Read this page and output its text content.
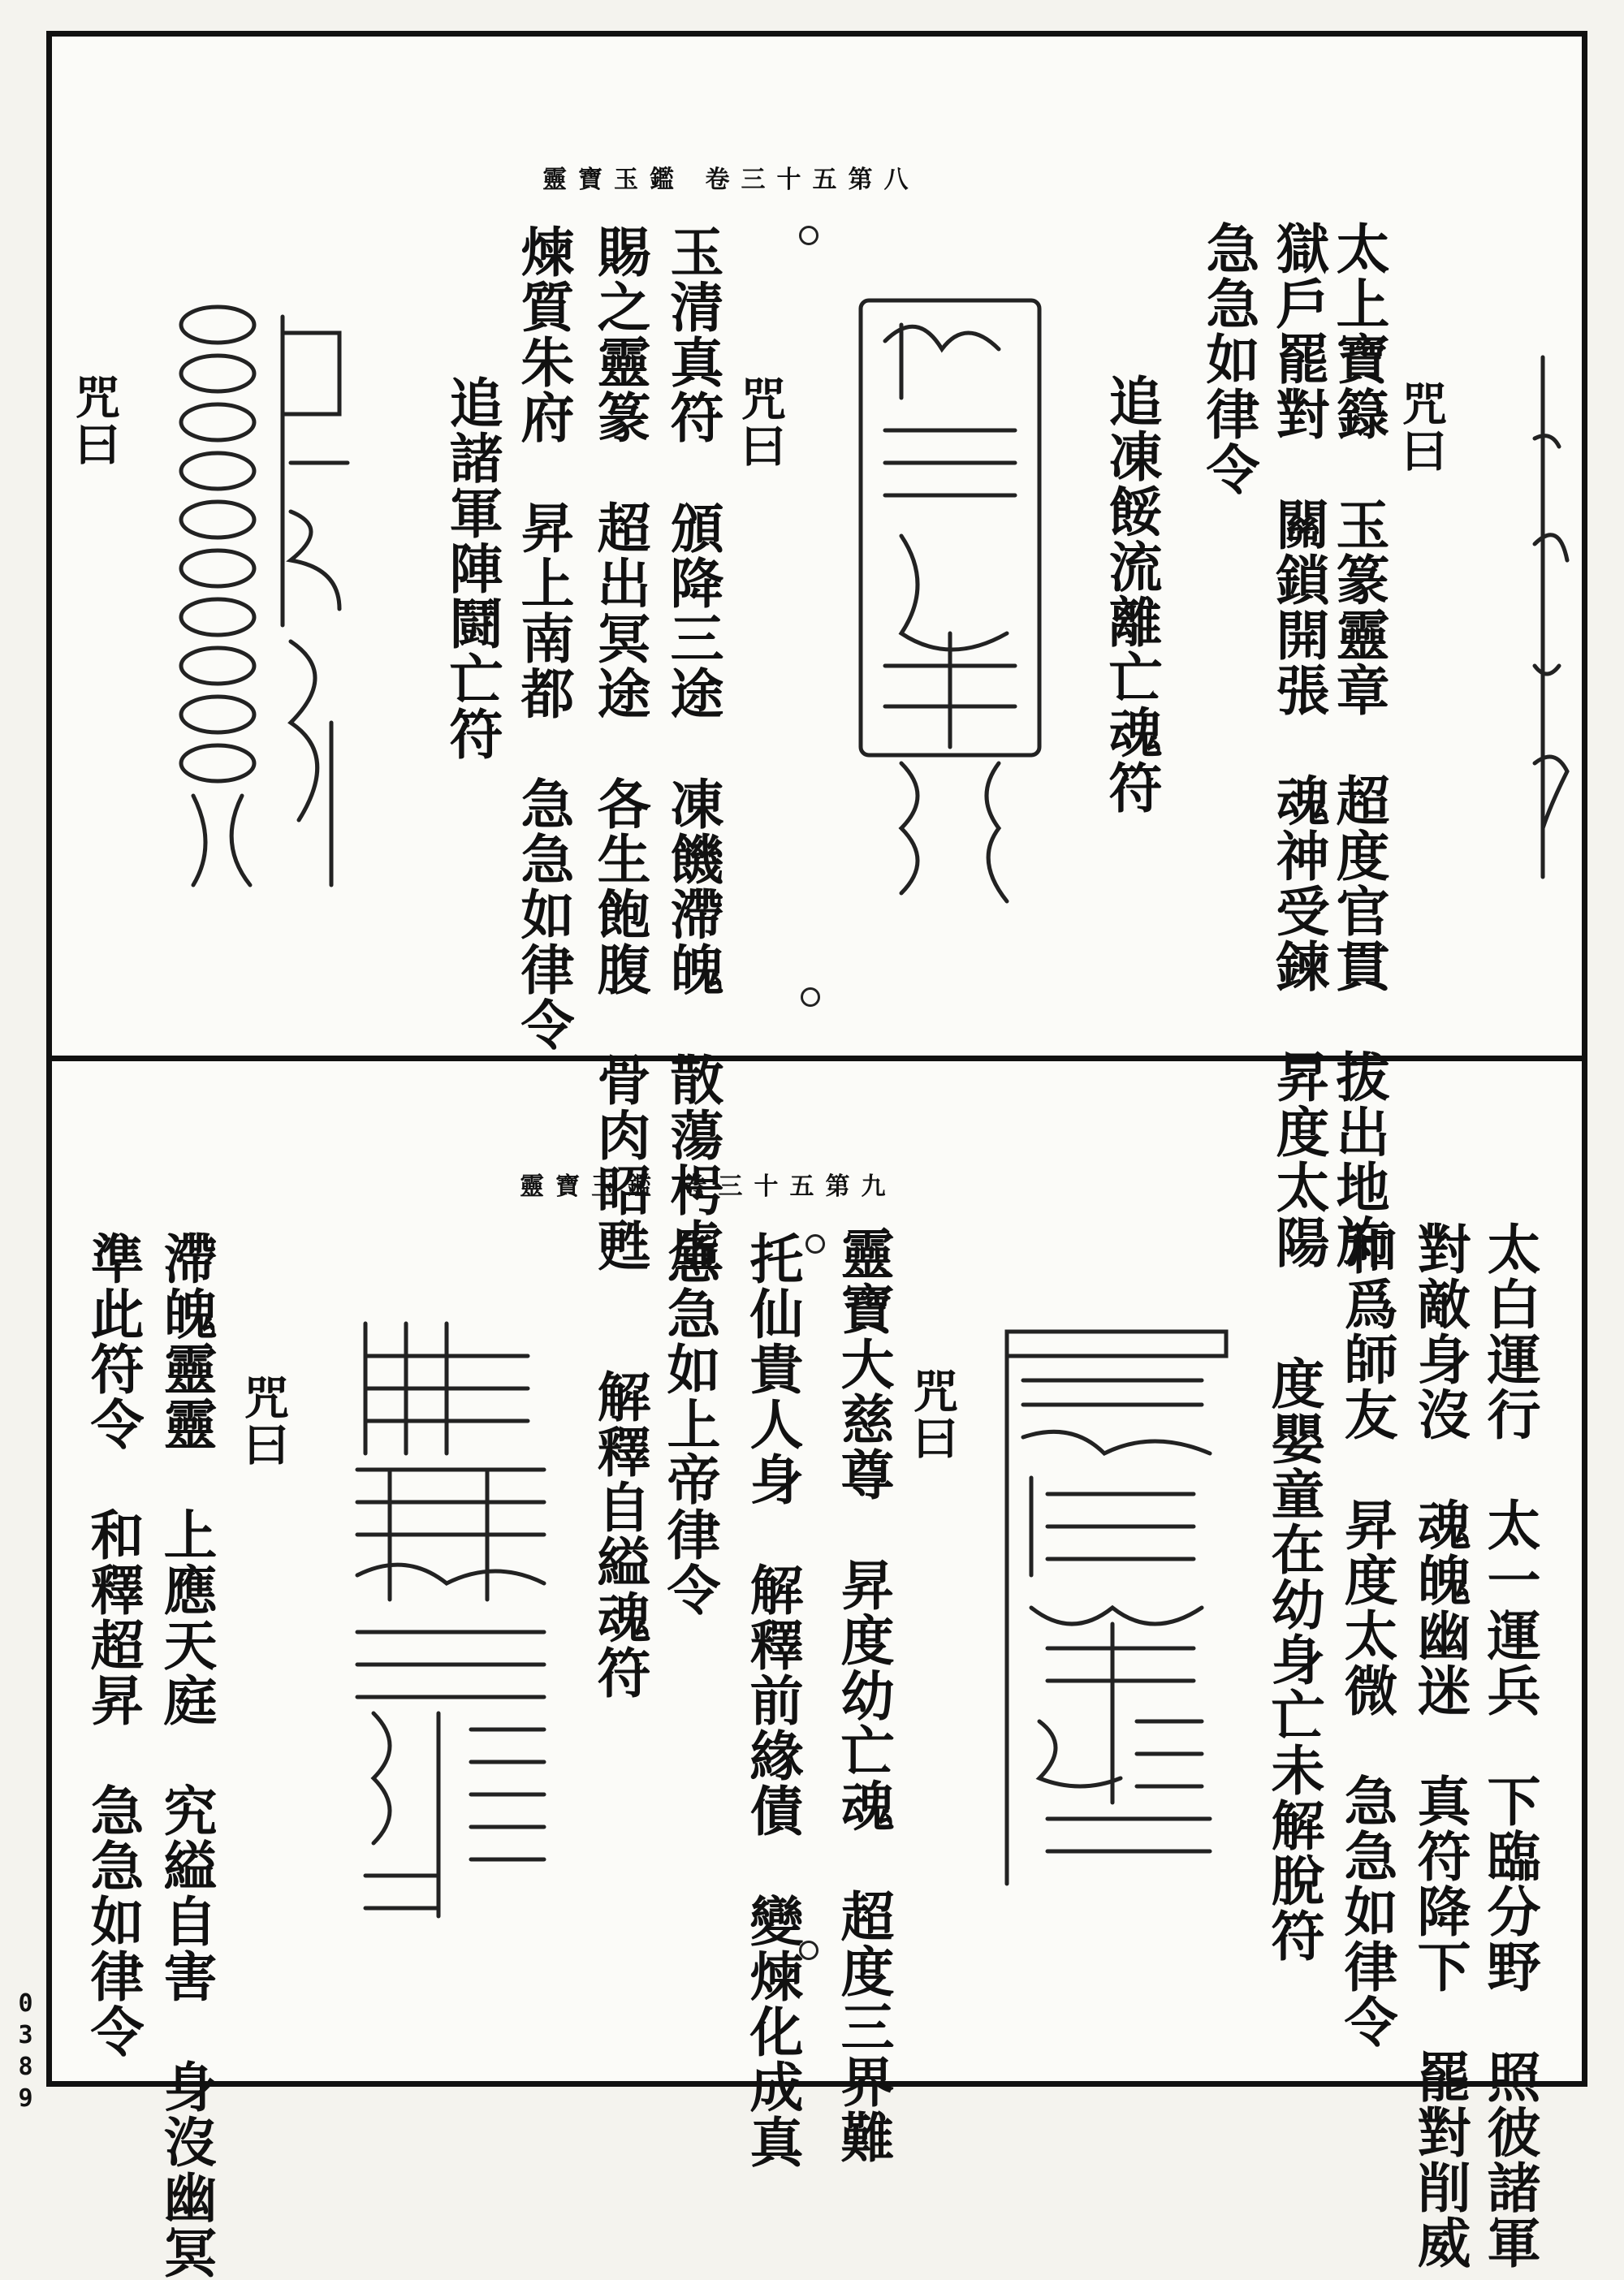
靈寶玉鑑 卷三十五第八
咒曰
太上寶籙　玉篆靈章　超度官貫　拔出地斾
獄戶罷對　關鎖開張　魂神受鍊　昇度太陽
急急如律令
追凍餒流離亡魂符
咒曰
玉清真符　頒降三途　凍饑滯魄　散蕩枵虛
賜之靈篆　超出冥途　各生飽腹　骨肉昭甦
煉質朱府　昇上南都　急急如律令
追諸軍陣鬪亡符
咒曰
靈寶玉鑑 卷三十五第九
太白運行　太一運兵　下臨分野　照彼諸軍
對敵身沒　魂魄幽迷　真符降下　罷對削威
和爲師友　昇度太微　急急如律令
度嬰童在幼身亡未解脫符
咒曰
靈寶大慈尊　昇度幼亡魂　超度三界難
托仙貴人身　解釋前緣債　變煉化成真
急急如上帝律令
解釋自縊魂符
咒曰
滯魄靈靈　上應天庭　究縊自害　身沒幽冥
準此符令　和釋超昇　急急如律令
0389
